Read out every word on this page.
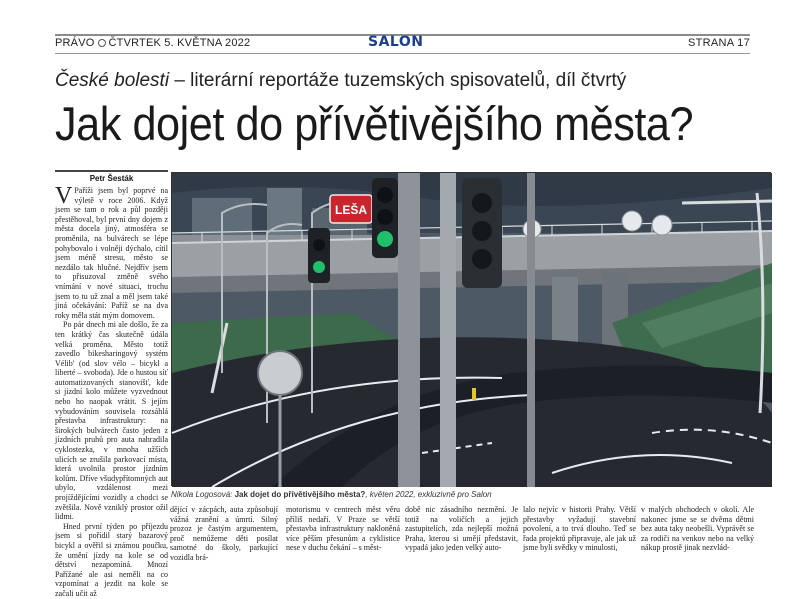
PRÁVO ČTVRTEK 5. KVĚTNA 2022	SALON	STRANA 17
České bolesti – literární reportáže tuzemských spisovatelů, díl čtvrtý
Jak dojet do přívětivějšího města?
Petr Šesták

V Paříži jsem byl poprvé na výletě v roce 2006. Když jsem se tam o rok a půl později přestěhoval, byl první dny dojem z města docela jiný, atmosféra se proměnila, na bulvárech se lépe pohybovalo i volněji dýchalo, cítil jsem méně stresu, město se nezdálo tak hlučné. Nejdřív jsem to přisuzoval změně svého vnímání v nové situaci, trochu jsem to tu už znal a měl jsem také jiná očekávání: Paříž se na dva roky měla stát mým domovem.

Po pár dnech mi ale došlo, že za ten krátký čas skutečně údála velká proměna. Město totiž zavedlo bikesharingový systém Vélib' (od slov vélo – bicykl a liberté – svoboda). Jde o hustou síť automatizovaných stanovišť, kde si jízdní kolo můžete vyzvednout nebo ho naopak vrátit. S jejím vybudováním souvisela rozsáhlá přestavba infrastruktury: na širokých bulvárech často jeden z jízdních pruhů pro auta nahradila cyklostezka, v mnoha užších ulicích se zrušila parkovací místa, která uvolnila prostor jízdním kolům. Dříve všudypřítomných aut ubylo, vzdálenost mezi projíždějícími vozidly a chodci se zvětšila. Nově vzniklý prostor ožil lidmi.

Hned první týden po příjezdu jsem si pořídil starý bazarový bicykl a ověřil si známou poučku, že umění jízdy na kole se od dětství nezapomíná. Mnozí Pařížané ale asi neměli na co vzpomínat a jezdit na kole se začali učit až

LEŠA
Nikola Logosová: Jak dojet do přívětivějšího města?, květen 2022, exkluzivně pro Salon
dějící v zácpách, auta způsobují vážná zranění a úmrtí. Silný prozoz je častým argumentem, proč nemůžeme děti posílat samotné do školy, parkující vozidla brá-
motorismu v centrech měst věru příliš nedaří. V Praze se větší přestavba infrastruktury nakloněná více pěším přesunům a cyklistice nese v duchu čekání – s měst-
době nic zásadního nezmění. Je totiž na voličích a jejich zastupitelích, zda nejlepší možná Praha, kterou si umějí představit, vypadá jako jeden velký auto-
lalo nejvíc v historii Prahy. Větší přestavby vyžadují stavební povolení, a to trvá dlouho. Teď se řada projektů připravuje, ale jak už jsme byli svědky v minulosti,
v malých obchodech v okolí. Ale nakonec jsme se se dvěma dětmi bez auta taky neobešli. Vyprávět se za rodiči na venkov nebo na velký nákup prostě jinak nezvlád-
